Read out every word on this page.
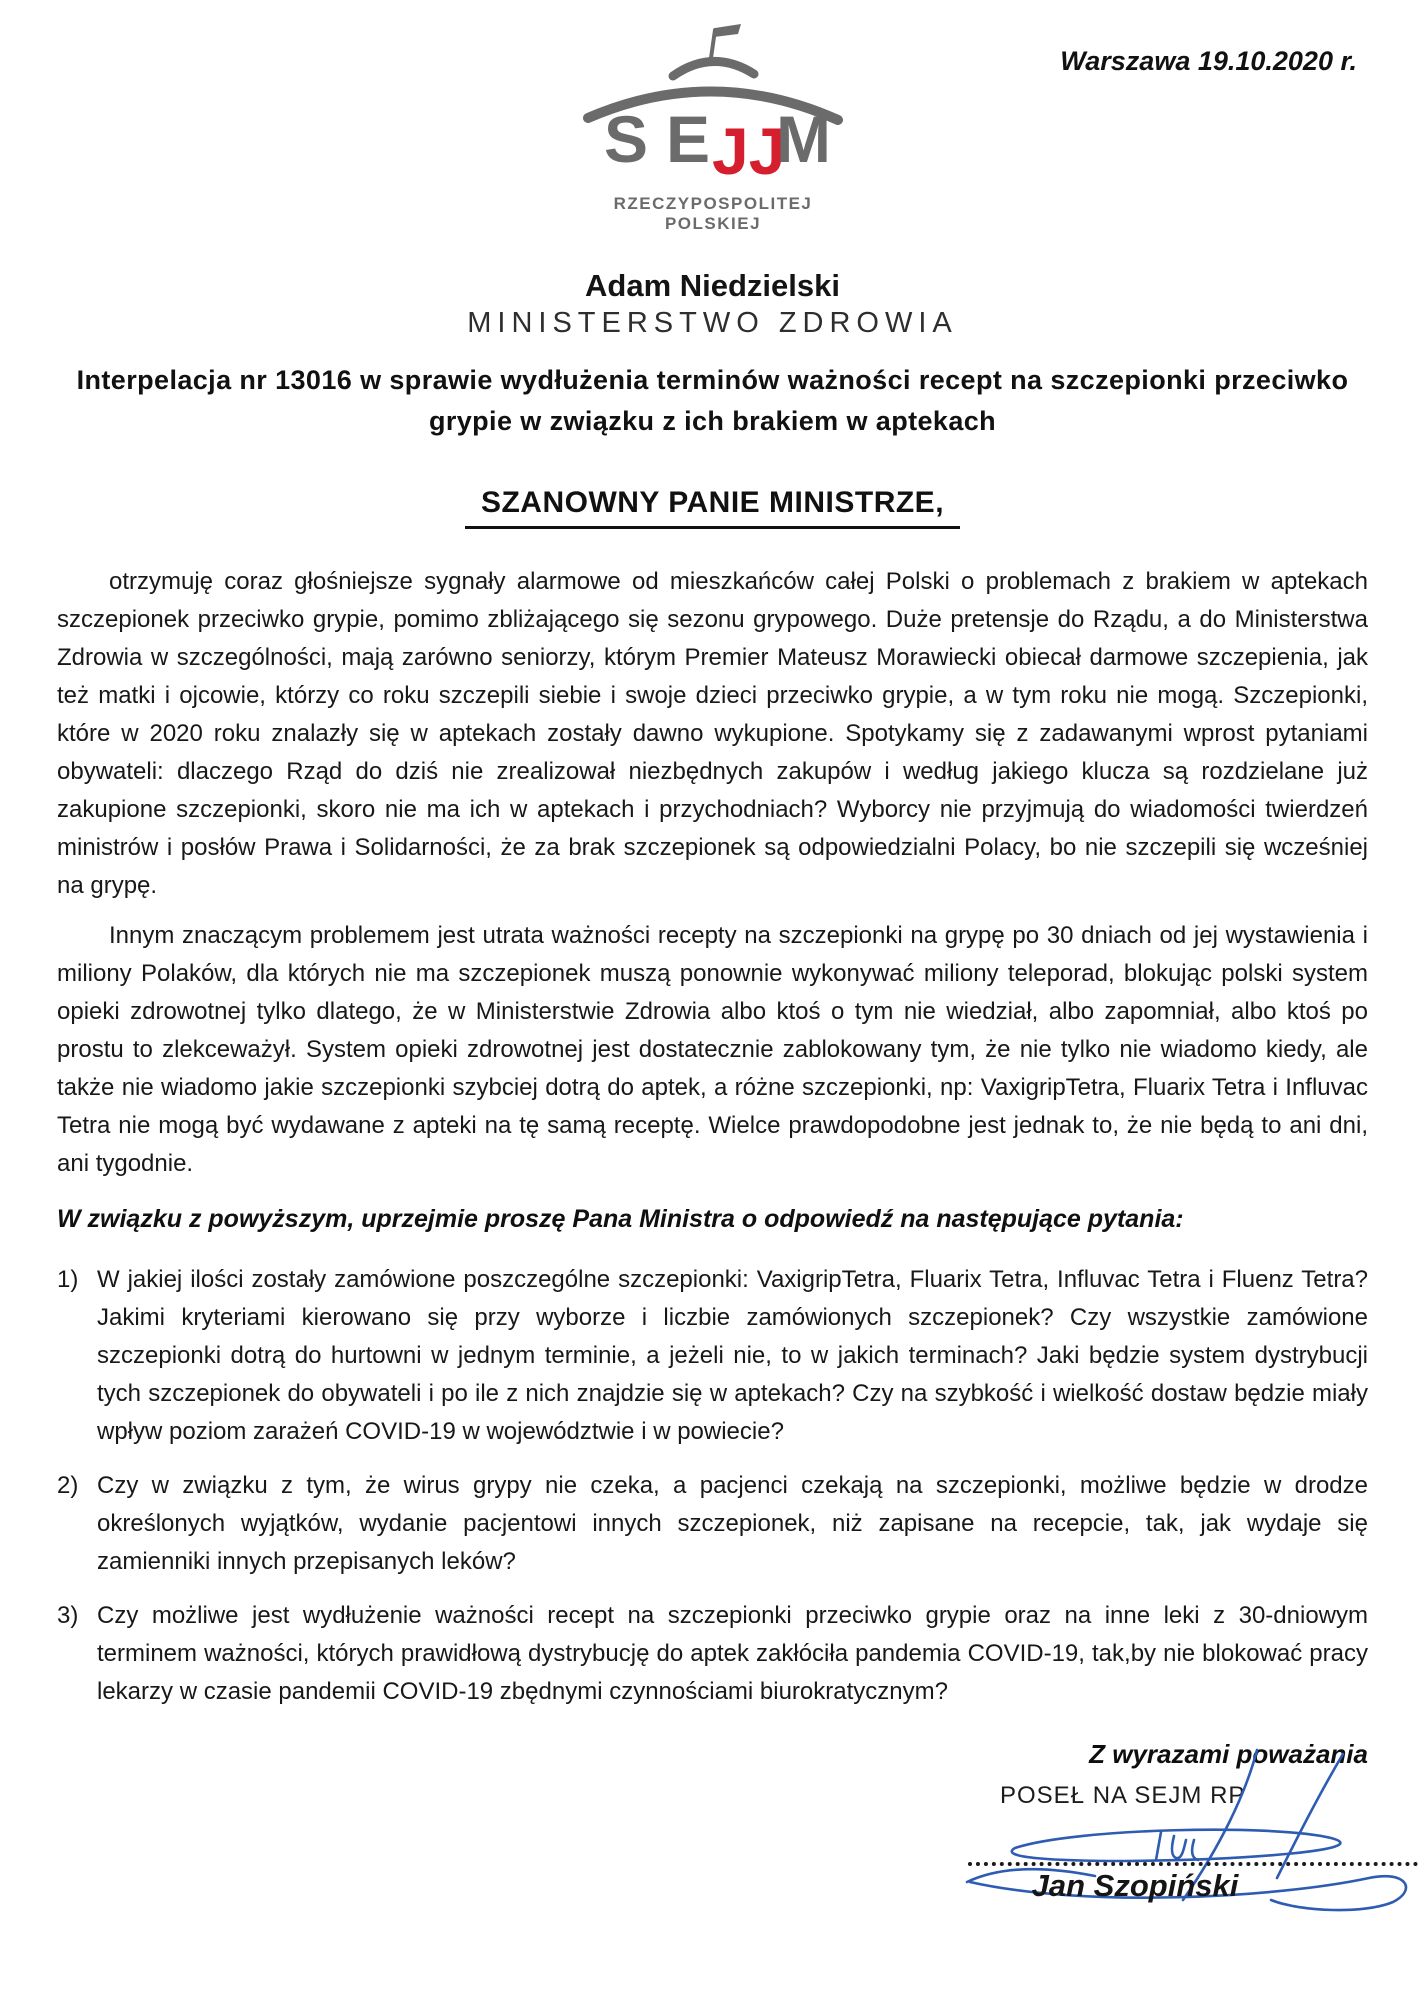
Warszawa 19.10.2020 r.
S E JJ
M
RZECZYPOSPOLITEJ POLSKIEJ
Adam Niedzielski
MINISTERSTWO ZDROWIA
Interpelacja nr 13016 w sprawie wydłużenia terminów ważności recept na szczepionki przeciwko grypie w związku z ich brakiem w aptekach
SZANOWNY PANIE MINISTRZE,

otrzymuję coraz głośniejsze sygnały alarmowe od mieszkańców całej Polski o problemach z brakiem w aptekach szczepionek przeciwko grypie, pomimo zbliżającego się sezonu grypowego. Duże pretensje do Rządu, a do Ministerstwa Zdrowia w szczególności, mają zarówno seniorzy, którym Premier Mateusz Morawiecki obiecał darmowe szczepienia, jak też matki i ojcowie, którzy co roku szczepili siebie i swoje dzieci przeciwko grypie, a w tym roku nie mogą. Szczepionki, które w 2020 roku znalazły się w aptekach zostały dawno wykupione. Spotykamy się z zadawanymi wprost pytaniami obywateli: dlaczego Rząd do dziś nie zrealizował niezbędnych zakupów i według jakiego klucza są rozdzielane już zakupione szczepionki, skoro nie ma ich w aptekach i przychodniach? Wyborcy nie przyjmują do wiadomości twierdzeń ministrów i posłów Prawa i Solidarności, że za brak szczepionek są odpowiedzialni Polacy, bo nie szczepili się wcześniej na grypę.

Innym znaczącym problemem jest utrata ważności recepty na szczepionki na grypę po 30 dniach od jej wystawienia i miliony Polaków, dla których nie ma szczepionek muszą ponownie wykonywać miliony teleporad, blokując polski system opieki zdrowotnej tylko dlatego, że w Ministerstwie Zdrowia albo ktoś o tym nie wiedział, albo zapomniał, albo ktoś po prostu to zlekceważył. System opieki zdrowotnej jest dostatecznie zablokowany tym, że nie tylko nie wiadomo kiedy, ale także nie wiadomo jakie szczepionki szybciej dotrą do aptek, a różne szczepionki, np: VaxigripTetra, Fluarix Tetra i Influvac Tetra nie mogą być wydawane z apteki na tę samą receptę. Wielce prawdopodobne jest jednak to, że nie będą to ani dni, ani tygodnie.

W związku z powyższym, uprzejmie proszę Pana Ministra o odpowiedź na następujące pytania:
1) W jakiej ilości zostały zamówione poszczególne szczepionki: VaxigripTetra, Fluarix Tetra, Influvac Tetra i Fluenz Tetra? Jakimi kryteriami kierowano się przy wyborze i liczbie zamówionych szczepionek? Czy wszystkie zamówione szczepionki dotrą do hurtowni w jednym terminie, a jeżeli nie, to w jakich terminach? Jaki będzie system dystrybucji tych szczepionek do obywateli i po ile z nich znajdzie się w aptekach? Czy na szybkość i wielkość dostaw będzie miały wpływ poziom zarażeń COVID-19 w województwie i w powiecie?

2) Czy w związku z tym, że wirus grypy nie czeka, a pacjenci czekają na szczepionki, możliwe będzie w drodze określonych wyjątków, wydanie pacjentowi innych szczepionek, niż zapisane na recepcie, tak, jak wydaje się zamienniki innych przepisanych leków?

3) Czy możliwe jest wydłużenie ważności recept na szczepionki przeciwko grypie oraz na inne leki z 30-dniowym terminem ważności, których prawidłową dystrybucję do aptek zakłóciła pandemia COVID-19, tak,by nie blokować pracy lekarzy w czasie pandemii COVID-19 zbędnymi czynnościami biurokratycznym?

Z wyrazami poważania
POSEŁ NA SEJM RP
Jan Szopiński
